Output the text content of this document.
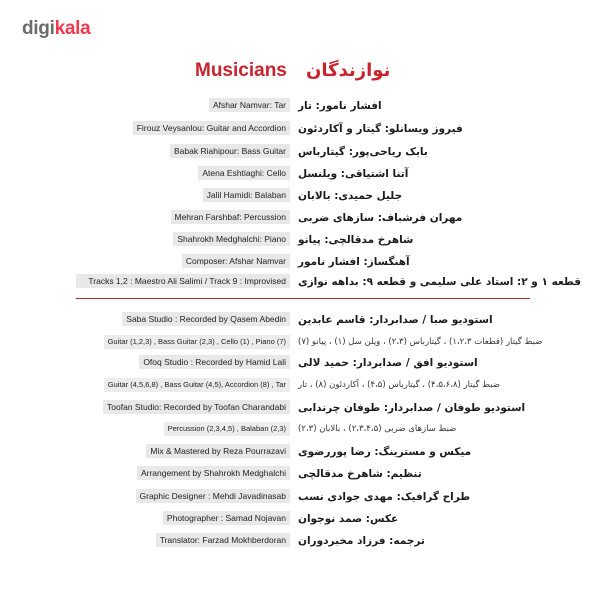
digikala
Musicians نوازندگان
Afshar Namvar: Tar	افشار نامور: تار
Firouz Veysanlou: Guitar and Accordion	فیروز ویسانلو: گیتار و آکاردئون
Babak Riahipour: Bass Guitar	بابک ریاحی‌پور: گیتارباس
Atena Eshtiaghi: Cello	آتنا اشتیاقی: ویلنسل
Jalil Hamidi: Balaban	جلیل حمیدی: بالابان
Mehran Farshbaf: Percussion	مهران فرشباف: سازهای ضربی
Shahrokh Medghalchi: Piano	شاهرخ مدقالچی: پیانو
Composer: Afshar Namvar	آهنگساز: افشار نامور
Tracks 1,2 : Maestro Ali Salimi / Track 9 : Improvised	قطعه ۱ و ۲: استاد علی سلیمی و قطعه ۹: بداهه نوازی
Saba Studio : Recorded by Qasem Abedin	استودیو صبا / صدابردار: قاسم عابدین
Guitar (1,2,3) , Bass Guitar (2,3) , Cello (1) , Piano (7)	ضبط گیتار (قطعات ۱،۲،۳) ، گیتارباس (۲،۳) ، ویلن سل (۱) ، پیانو (۷)
Ofoq Studio : Recorded by Hamid Lali	استودیو افق / صدابردار: حمید لالی
Guitar (4,5,6,8) , Bass Guitar (4,5), Accordion (8) , Tar	ضبط گیتار (۴،۵،۶،۸) ، گیتارباس (۴،۵) ، آکاردئون (۸) ، تار
Toofan Studio: Recorded by Toofan Charandabi	استودیو طوفان / صدابردار: طوفان چرندابی
Percussion (2,3,4,5) , Balaban (2,3)	ضبط سازهای ضربی (۲،۳،۴،۵) ، بالابان (۲،۳)
Mix & Mastered by Reza Pourrazavi	میکس و مسترینگ: رضا پوررضوی
Arrangement by Shahrokh Medghalchi	تنظیم: شاهرخ مدقالچی
Graphic Designer : Mehdi Javadinasab	طراح گرافیک: مهدی جوادی نسب
Photographer : Samad Nojavan	عکس: صمد نوجوان
Translator: Farzad Mokhberdoran	ترجمه: فرزاد مخبردوران
